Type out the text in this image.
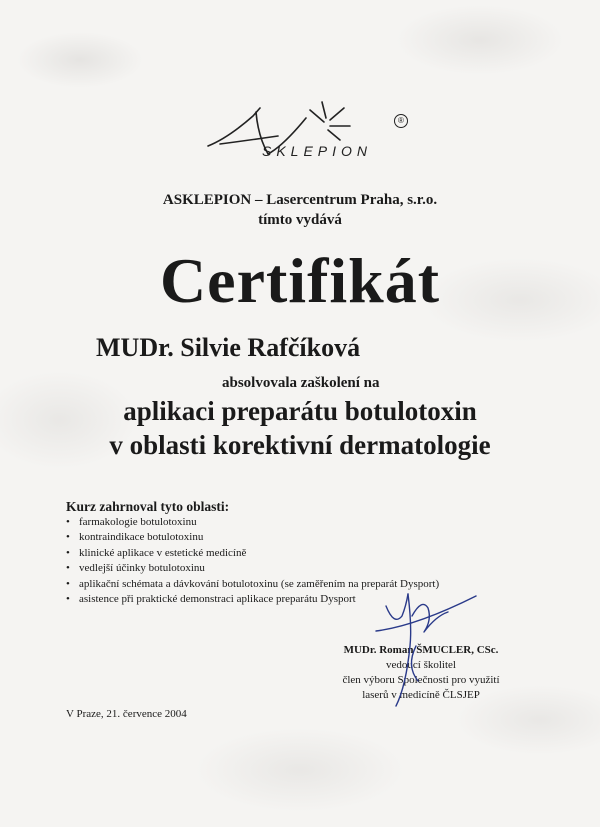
SKLEPION
®
ASKLEPION – Lasercentrum Praha, s.r.o.
tímto vydává
Certifikát
MUDr. Silvie Rafčíková
absolvovala zaškolení na
aplikaci preparátu botulotoxin
v oblasti korektivní dermatologie
Kurz zahrnoval tyto oblasti:
• farmakologie botulotoxinu
• kontraindikace botulotoxinu
• klinické aplikace v estetické medicíně
• vedlejší účinky botulotoxinu
• aplikační schémata a dávkování botulotoxinu (se zaměřením na preparát Dysport)
• asistence při praktické demonstraci aplikace preparátu Dysport
MUDr. Roman ŠMUCLER, CSc.
vedoucí školitel
člen výboru Společnosti pro využití
laserů v medicíně ČLSJEP
V Praze, 21. července 2004
